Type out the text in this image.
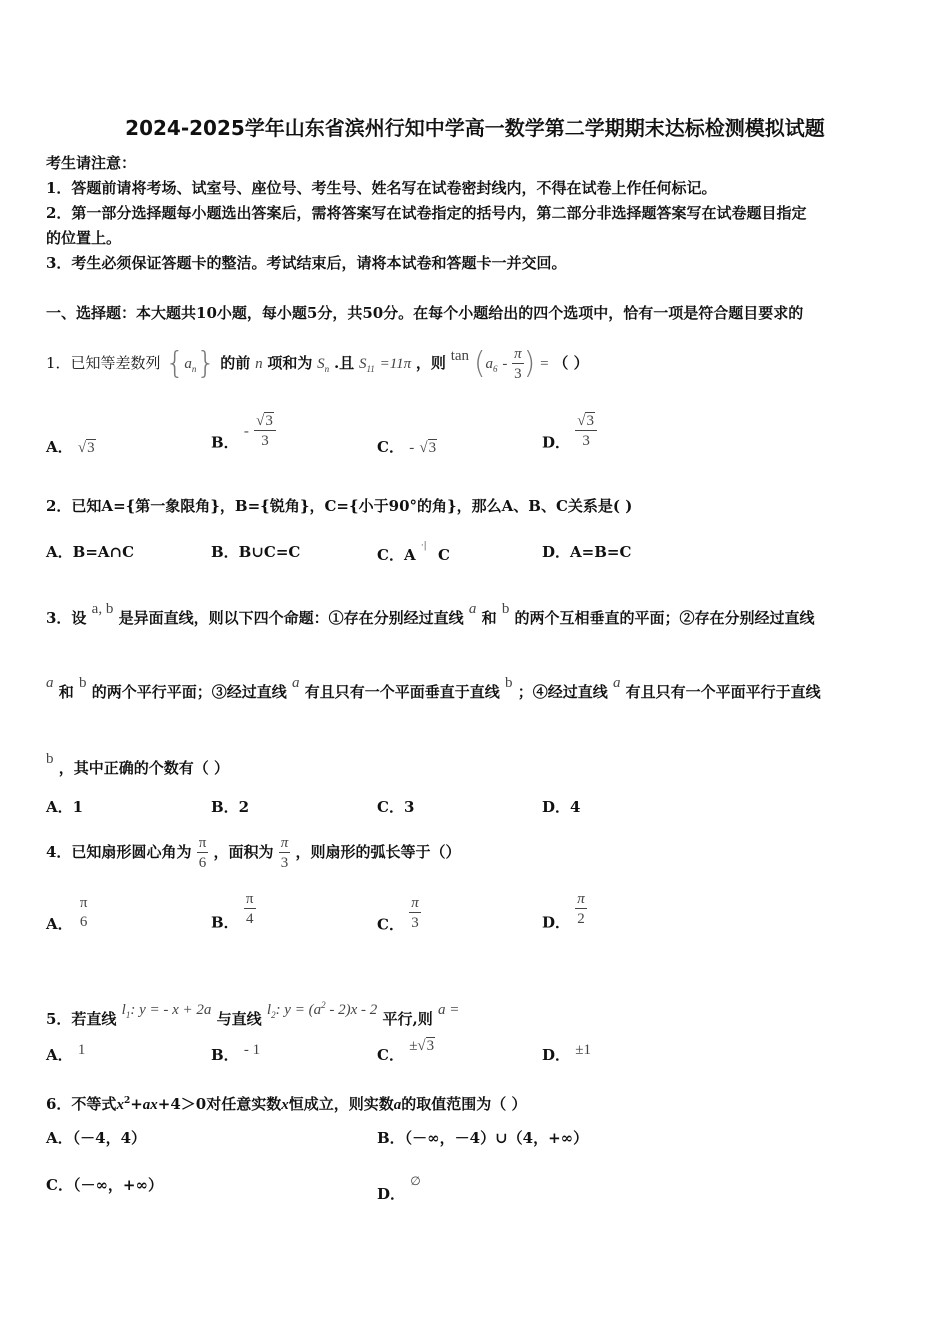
2024-2025学年山东省滨州行知中学高一数学第二学期期末达标检测模拟试题
考生请注意：
1．答题前请将考场、试室号、座位号、考生号、姓名写在试卷密封线内，不得在试卷上作任何标记。
2．第一部分选择题每小题选出答案后，需将答案写在试卷指定的括号内，第二部分非选择题答案写在试卷题目指定
的位置上。
3．考生必须保证答题卡的整洁。考试结束后，请将本试卷和答题卡一并交回。
一、选择题：本大题共10小题，每小题5分，共50分。在每个小题给出的四个选项中，恰有一项是符合题目要求的
1．已知等差数列 $\{a_n\}$ 的前 n 项和为 $S_n$ .且 $S_{11} =11\pi$ ，则 $\tan (a_6 - \frac{\pi}{3}$ ) = （ ）
A． √3	B． - $\frac{√3}{3}$	C． - √3	D． $\frac{√3}{3}$
2．已知A={第一象限角}，B={锐角}，C={小于90°的角}，那么A、B、C关系是( )
A．B=A∩C	B．B∪C=C	C．A ·| C	D．A=B=C
3．设 a, b 是异面直线，则以下四个命题：①存在分别经过直线 a 和 b 的两个互相垂直的平面；②存在分别经过直线
a 和 b 的两个平行平面；③经过直线 a 有且只有一个平面垂直于直线 b ；④经过直线 a 有且只有一个平面平行于直线
b ，其中正确的个数有（ ）
A．1	B．2	C．3	D．4
4．已知扇形圆心角为 $\frac{\pi}{6}$ ，面积为 $\frac{\pi}{3}$ ，则扇形的弧长等于（）
A．
π
6	B． $\frac{\pi}{4}$	C． $\frac{\pi}{3}$	D． $\frac{\pi}{2}$
5．若直线 $l_1$: y = - x + 2a 与直线 $l_2$: $y = (a^2 - 2)x - 2$ 平行,则 a =
A． 1	B． - 1	C． ±√3	D． ±1
6．不等式$x^2+ax+4>0$对任意实数x恒成立，则实数a的取值范围为（ ）
A．（－4，4）	B．（－∞，－4）∪（4，+∞）
C．（－∞，+∞）	D． ∅
